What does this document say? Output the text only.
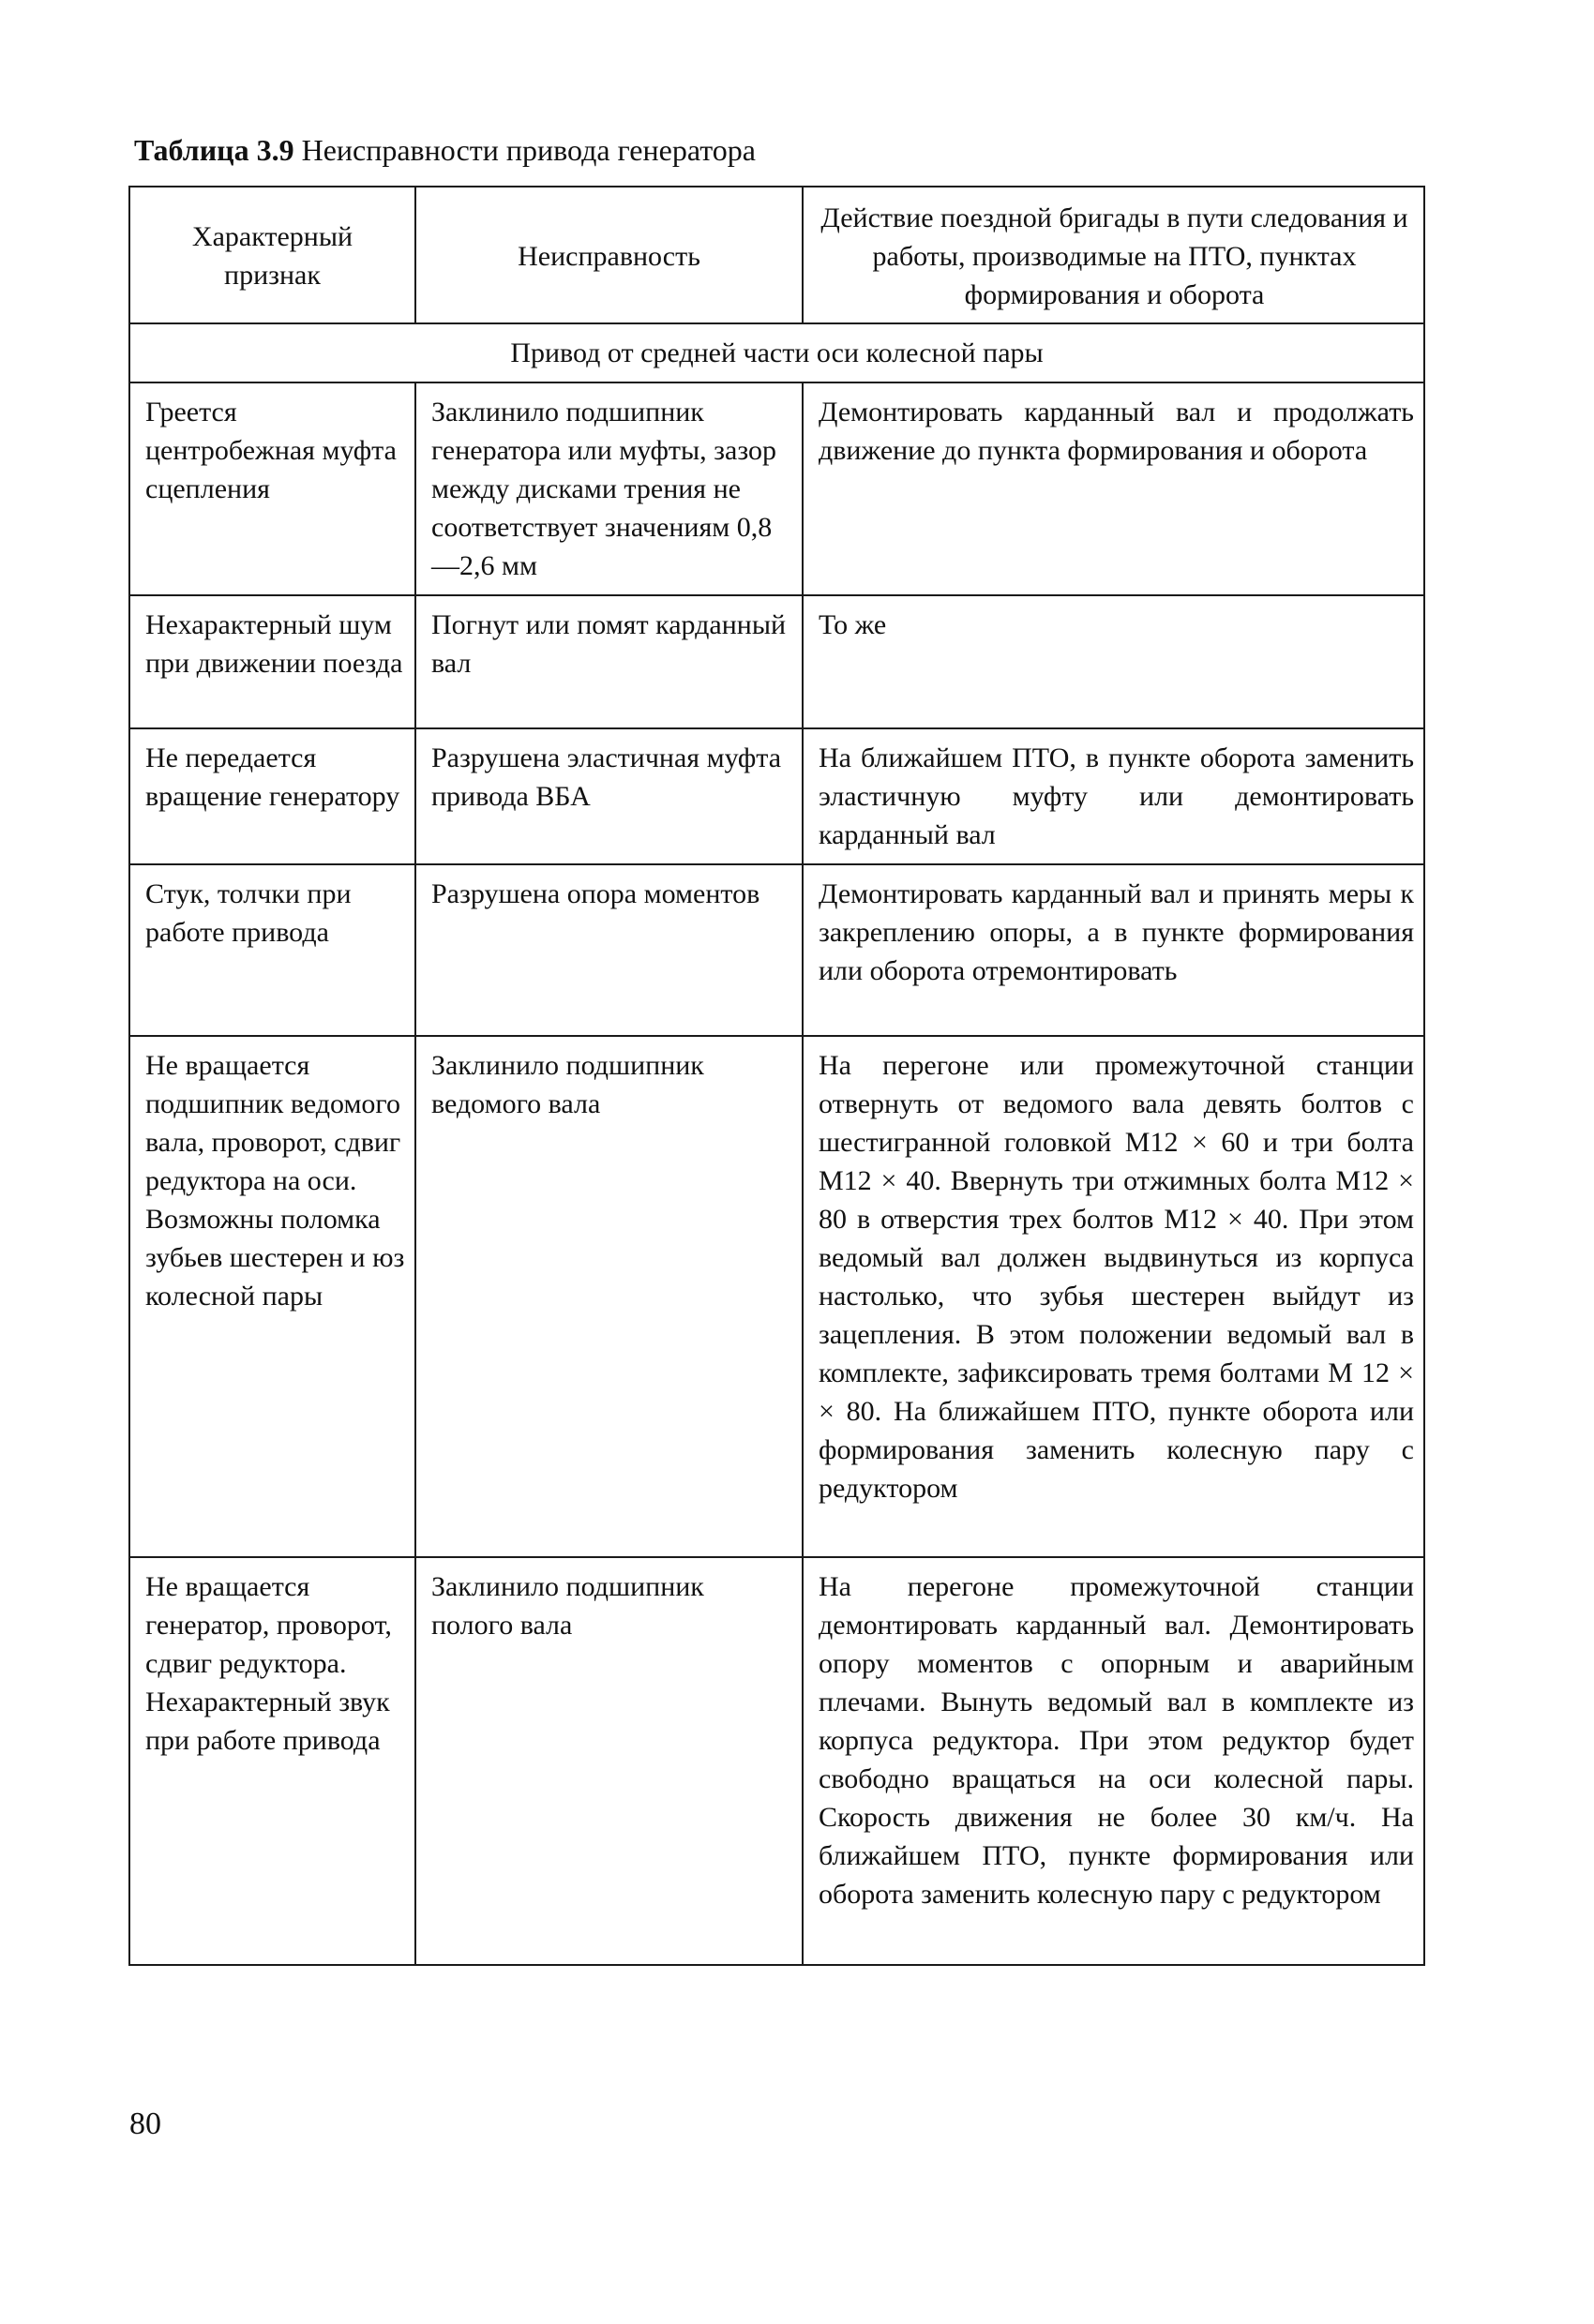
Таблица 3.9 Неисправности привода генератора
Характерный признак	Неисправность	Действие поездной бригады в пути следования и работы, производимые на ПТО, пунктах формирования и оборота
Привод от средней части оси колесной пары		
Греется центробежная муфта сцепления	Заклинило подшипник генератора или муфты, зазор между дисками трения не соответствует значениям 0,8—2,6 мм	Демонтировать карданный вал и продолжать движение до пункта формирования и оборота
Нехарактерный шум при движении поезда	Погнут или помят карданный вал	То же
Не передается вращение генератору	Разрушена эластичная муфта привода ВБА	На ближайшем ПТО, в пункте оборота заменить эластичную муфту или демонтировать карданный вал
Стук, толчки при работе привода	Разрушена опора моментов	Демонтировать карданный вал и принять меры к закреплению опоры, а в пункте формирования или оборота отремонтировать
Не вращается подшипник ведомого вала, проворот, сдвиг редуктора на оси. Возможны поломка зубьев шестерен и юз колесной пары	Заклинило подшипник ведомого вала	На перегоне или промежуточной станции отвернуть от ведомого вала девять болтов с шестигранной головкой М12 × 60 и три болта М12 × 40. Ввернуть три отжимных болта М12 × 80 в отверстия трех болтов М12 × 40. При этом ведомый вал должен выдвинуться из корпуса настолько, что зубья шестерен выйдут из зацепления. В этом положении ведомый вал в комплекте, зафиксировать тремя болтами М 12 × × 80. На ближайшем ПТО, пункте оборота или формирования заменить колесную пару с редуктором
Не вращается генератор, проворот, сдвиг редуктора. Нехарактерный звук при работе привода	Заклинило подшипник полого вала	На перегоне промежуточной станции демонтировать карданный вал. Демонтировать опору моментов с опорным и аварийным плечами. Вынуть ведомый вал в комплекте из корпуса редуктора. При этом редуктор будет свободно вращаться на оси колесной пары. Скорость движения не более 30 км/ч. На ближайшем ПТО, пункте формирования или оборота заменить колесную пару с редуктором
80
